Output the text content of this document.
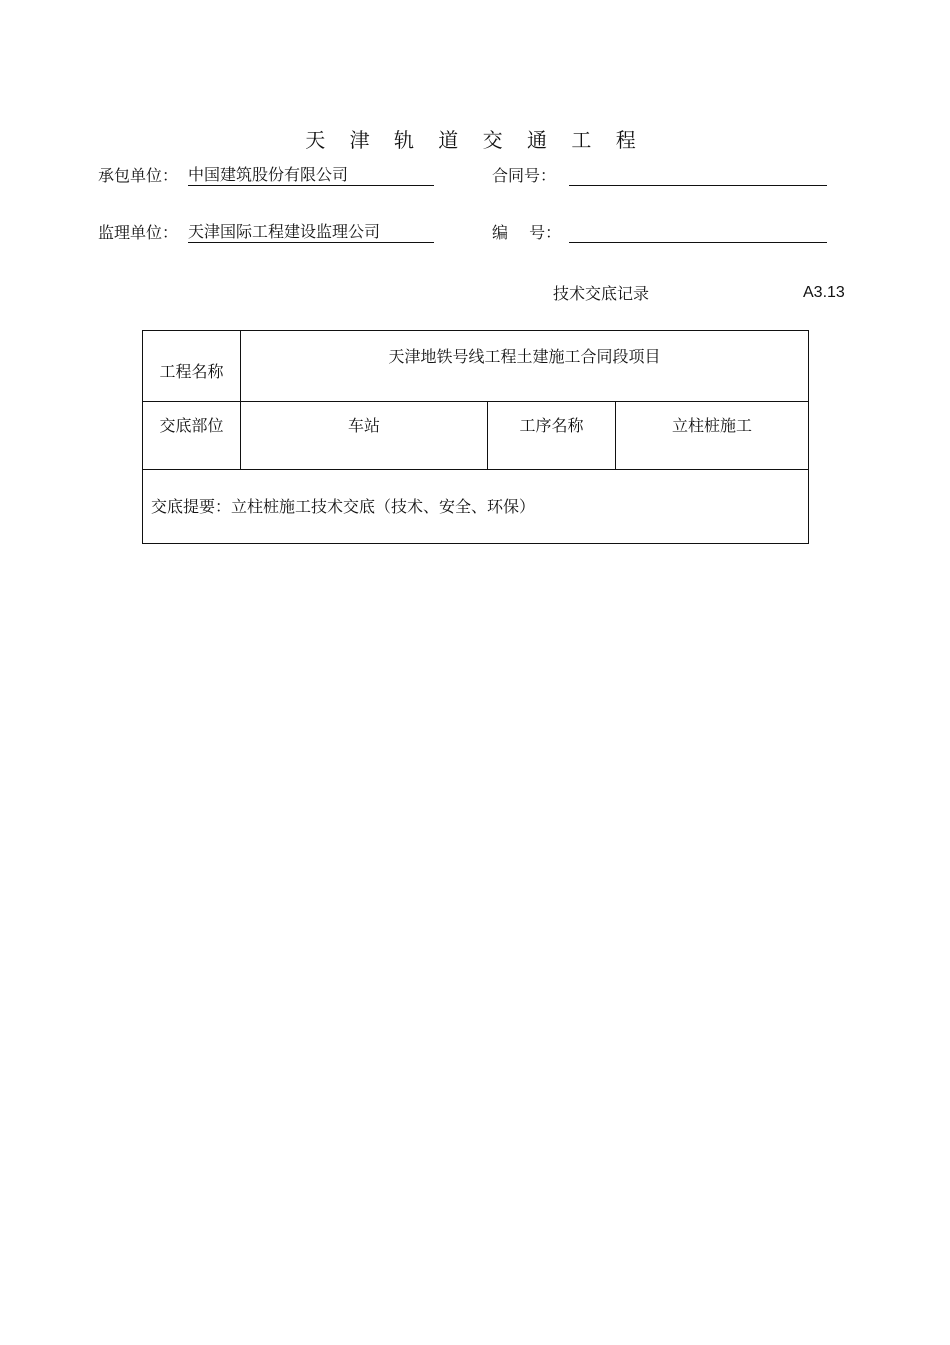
天 津 轨 道 交 通 工 程
承包单位： 中国建筑股份有限公司	合同号：
监理单位： 天津国际工程建设监理公司	编　 号：
技术交底记录	A3.13
工程名称	天津地铁号线工程土建施工合同段项目		
交底部位	车站	工序名称	立柱桩施工
交底提要：立柱桩施工技术交底（技术、安全、环保）			
